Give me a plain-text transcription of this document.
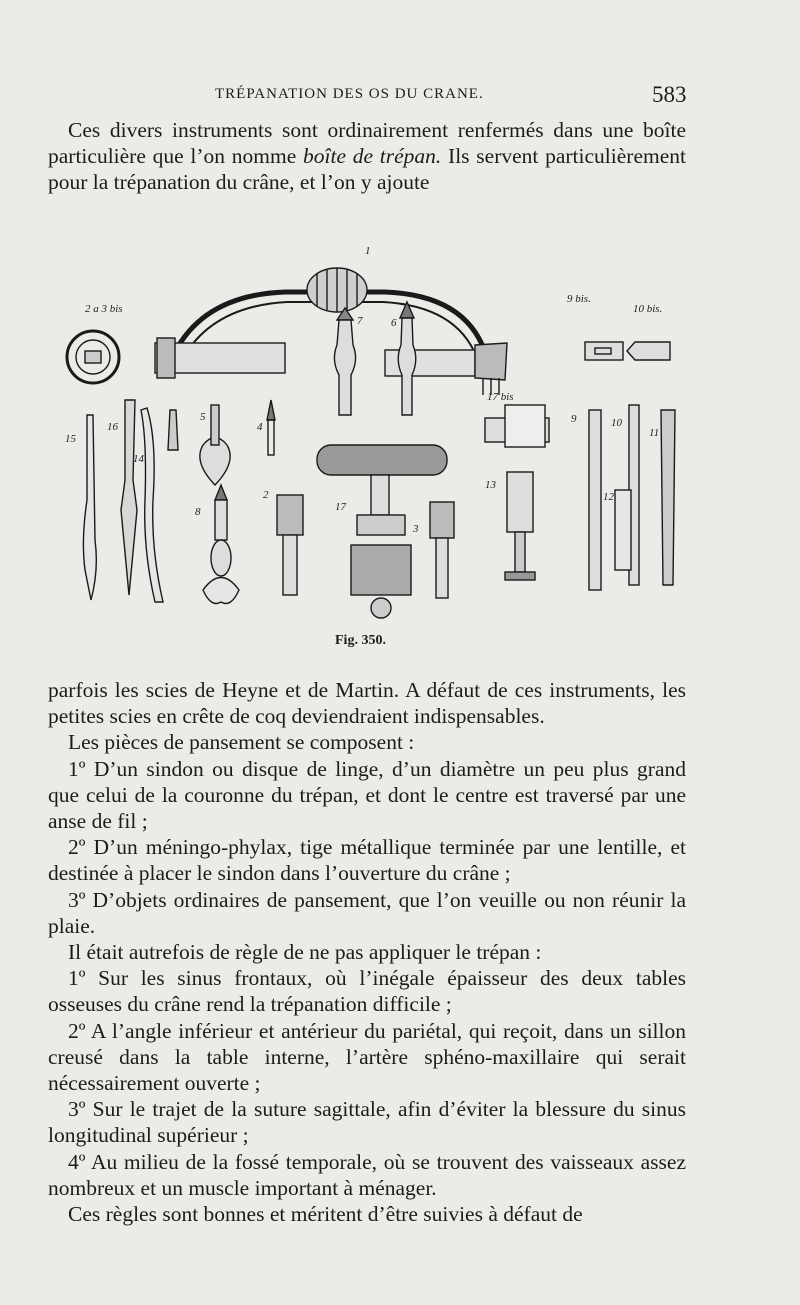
TRÉPANATION DES OS DU CRANE.	583

Ces divers instruments sont ordinairement renfermés dans une boîte particulière que l’on nomme boîte de trépan. Ils servent particulièrement pour la trépanation du crâne, et l’on y ajoute

1
2 a 3 bis
9 bis.
10 bis.
7	6
17 bis
15
16
14
5
4
8
2
17
3
13
9	10
11
12
Fig. 350.

parfois les scies de Heyne et de Martin. A défaut de ces instruments, les petites scies en crête de coq deviendraient indispensables.

Les pièces de pansement se composent :

1º D’un sindon ou disque de linge, d’un diamètre un peu plus grand que celui de la couronne du trépan, et dont le centre est traversé par une anse de fil ;

2º D’un méningo-phylax, tige métallique terminée par une lentille, et destinée à placer le sindon dans l’ouverture du crâne ;

3º D’objets ordinaires de pansement, que l’on veuille ou non réunir la plaie.

Il était autrefois de règle de ne pas appliquer le trépan :

1º Sur les sinus frontaux, où l’inégale épaisseur des deux tables osseuses du crâne rend la trépanation difficile ;

2º A l’angle inférieur et antérieur du pariétal, qui reçoit, dans un sillon creusé dans la table interne, l’artère sphéno-maxillaire qui serait nécessairement ouverte ;

3º Sur le trajet de la suture sagittale, afin d’éviter la blessure du sinus longitudinal supérieur ;

4º Au milieu de la fossé temporale, où se trouvent des vaisseaux assez nombreux et un muscle important à ménager.

Ces règles sont bonnes et méritent d’être suivies à défaut de
